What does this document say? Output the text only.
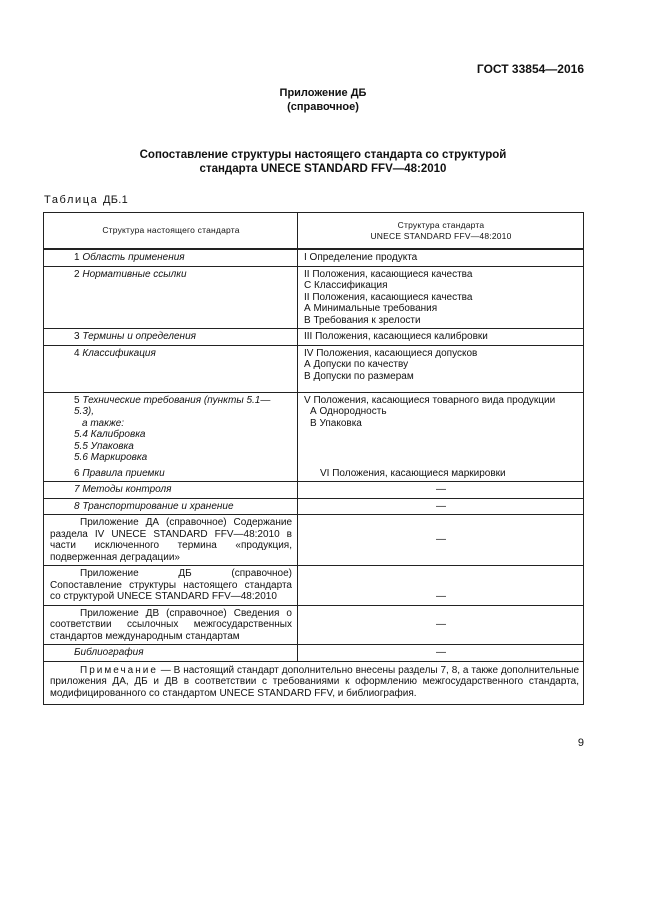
ГОСТ 33854—2016
Приложение ДБ
(справочное)
Сопоставление структуры настоящего стандарта со структурой
стандарта UNECE STANDARD FFV—48:2010
Таблица ДБ.1
Структура настоящего стандарта	Структура стандарта
UNECE STANDARD FFV—48:2010

1 Область применения	I Определение продукта

2 Нормативные ссылки	II Положения, касающиеся качества
С Классификация
II Положения, касающиеся качества
А Минимальные требования
В Требования к зрелости

3 Термины и определения	III Положения, касающиеся калибровки

4 Классификация	IV Положения, касающиеся допусков
А Допуски по качеству
В Допуски по размерам

5 Технические требования (пункты 5.1— 5.3),
а также:
5.4 Калибровка
5.5 Упаковка
5.6 Маркировка	V Положения, касающиеся товарного вида продукции
А Однородность
В Упаковка

6 Правила приемки	VI Положения, касающиеся маркировки

7 Методы контроля	—
8 Транспортирование и хранение	—
Приложение ДА (справочное) Содержание раздела IV UNECE STANDARD FFV—48:2010 в части исключенного термина «продукция, подверженная деградации»	—
Приложение ДБ (справочное) Сопоставление структуры настоящего стандарта со структурой UNECE STANDARD FFV—48:2010	—
Приложение ДВ (справочное) Сведения о соответствии ссылочных межгосударственных стандартов международным стандартам	—
Библиография	—
Примечание — В настоящий стандарт дополнительно внесены разделы 7, 8, а также дополнительные приложения ДА, ДБ и ДВ в соответствии с требованиями к оформлению межгосударственного стандарта, модифицированного со стандартом UNECE STANDARD FFV, и библиография.	
9
